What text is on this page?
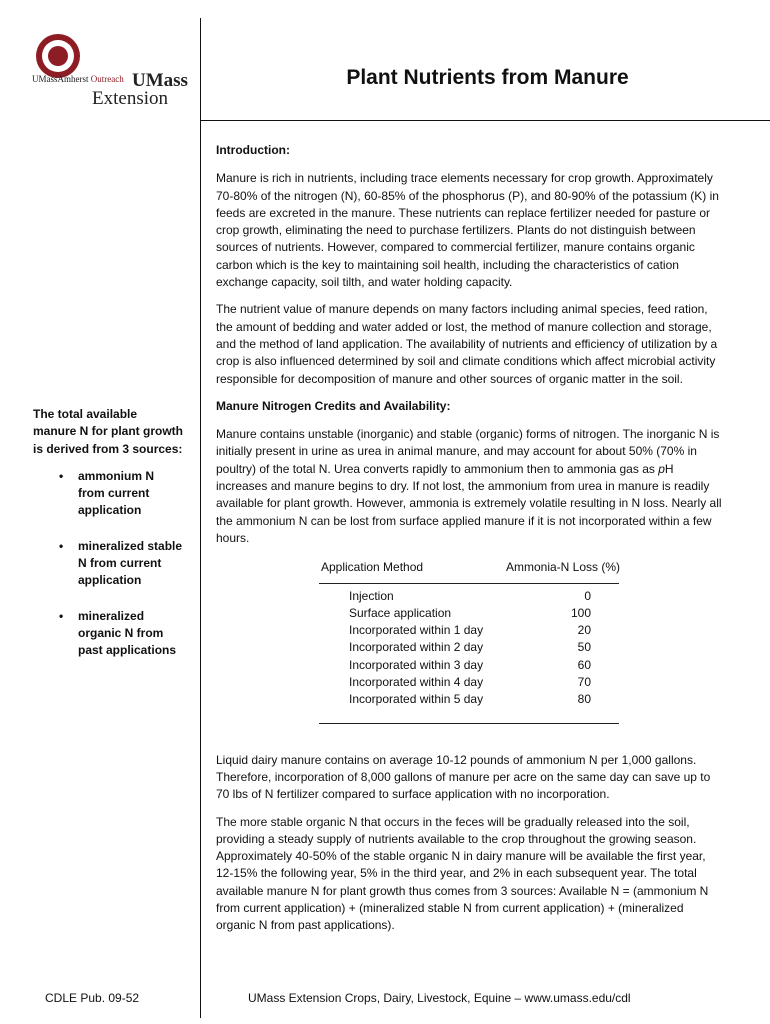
UMassAmherst Outreach UMass
Extension
Plant Nutrients from Manure

The total available manure N for plant growth is derived from 3 sources:

• ammonium N from current application
• mineralized stable N from current application
• mineralized organic N from past applications

Introduction:

Manure is rich in nutrients, including trace elements necessary for crop growth. Approximately 70-80% of the nitrogen (N), 60-85% of the phosphorus (P), and 80-90% of the potassium (K) in feeds are excreted in the manure. These nutrients can replace fertilizer needed for pasture or crop growth, eliminating the need to purchase fertilizers. Plants do not distinguish between sources of nutrients. However, compared to commercial fertilizer, manure contains organic carbon which is the key to maintaining soil health, including the characteristics of cation exchange capacity, soil tilth, and water holding capacity.

The nutrient value of manure depends on many factors including animal species, feed ration, the amount of bedding and water added or lost, the method of manure collection and storage, and the method of land application. The availability of nutrients and efficiency of utilization by a crop is also influenced determined by soil and climate conditions which affect microbial activity responsible for decomposition of manure and other sources of organic matter in the soil.

Manure Nitrogen Credits and Availability:

Manure contains unstable (inorganic) and stable (organic) forms of nitrogen. The inorganic N is initially present in urine as urea in animal manure, and may account for about 50% (70% in poultry) of the total N. Urea converts rapidly to ammonium then to ammonia gas as pH increases and manure begins to dry. If not lost, the ammonium from urea in manure is readily available for plant growth. However, ammonia is extremely volatile resulting in N loss. Nearly all the ammonium N can be lost from surface applied manure if it is not incorporated within a few hours.

Application Method	Ammonia-N Loss (%)
Injection	0
Surface application	100
Incorporated within 1 day	20
Incorporated within 2 day	50
Incorporated within 3 day	60
Incorporated within 4 day	70
Incorporated within 5 day	80

Liquid dairy manure contains on average 10-12 pounds of ammonium N per 1,000 gallons. Therefore, incorporation of 8,000 gallons of manure per acre on the same day can save up to 70 lbs of N fertilizer compared to surface application with no incorporation.

The more stable organic N that occurs in the feces will be gradually released into the soil, providing a steady supply of nutrients available to the crop throughout the growing season. Approximately 40-50% of the stable organic N in dairy manure will be available the first year, 12-15% the following year, 5% in the third year, and 2% in each subsequent year. The total available manure N for plant growth thus comes from 3 sources: Available N = (ammonium N from current application) + (mineralized stable N from current application) + (mineralized organic N from past applications).

CDLE Pub. 09-52	UMass Extension Crops, Dairy, Livestock, Equine – www.umass.edu/cdl
